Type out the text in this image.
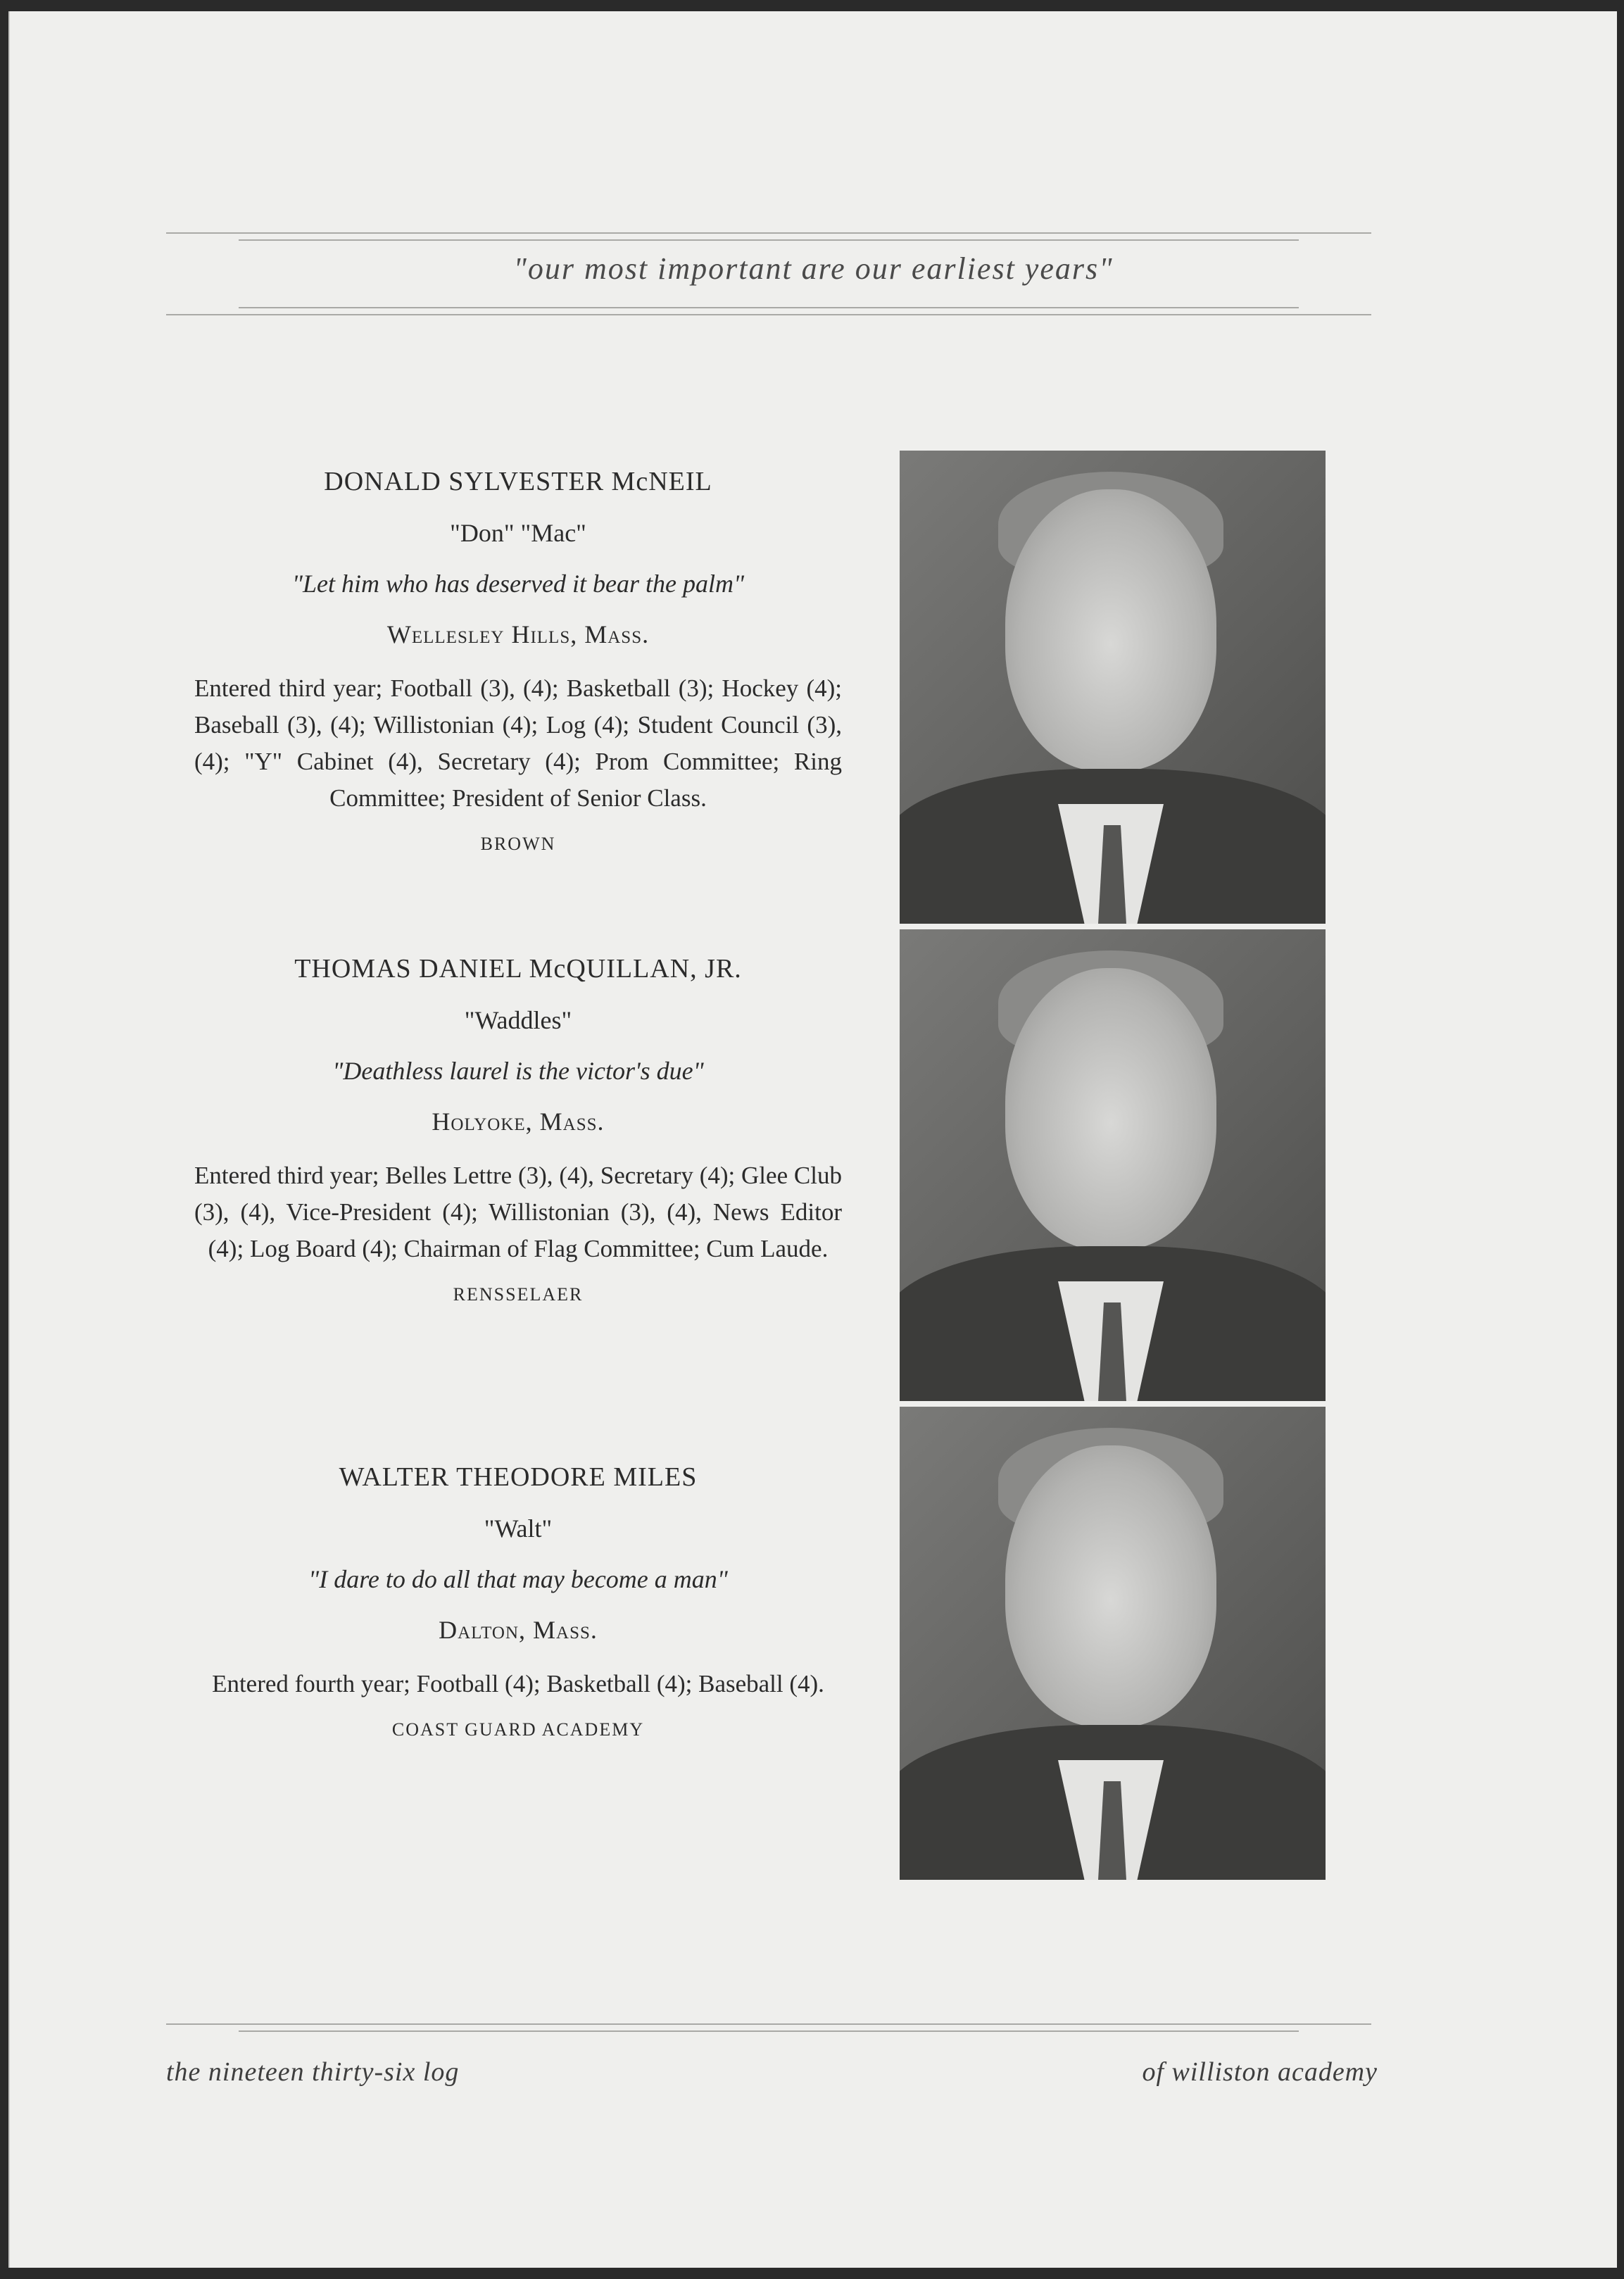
"our most important are our earliest years"

DONALD SYLVESTER McNEIL

"Don" "Mac"

"Let him who has deserved it bear the palm"

Wellesley Hills, Mass.

Entered third year; Football (3), (4); Basketball (3); Hockey (4); Baseball (3), (4); Willistonian (4); Log (4); Student Council (3), (4); "Y" Cabinet (4), Secretary (4); Prom Committee; Ring Committee; President of Senior Class.

BROWN

THOMAS DANIEL McQUILLAN, JR.

"Waddles"

"Deathless laurel is the victor's due"

Holyoke, Mass.

Entered third year; Belles Lettre (3), (4), Secretary (4); Glee Club (3), (4), Vice-President (4); Willistonian (3), (4), News Editor (4); Log Board (4); Chairman of Flag Committee; Cum Laude.

RENSSELAER

WALTER THEODORE MILES

"Walt"

"I dare to do all that may become a man"

Dalton, Mass.

Entered fourth year; Football (4); Basketball (4); Baseball (4).

COAST GUARD ACADEMY

the nineteen thirty-six log	of williston academy
